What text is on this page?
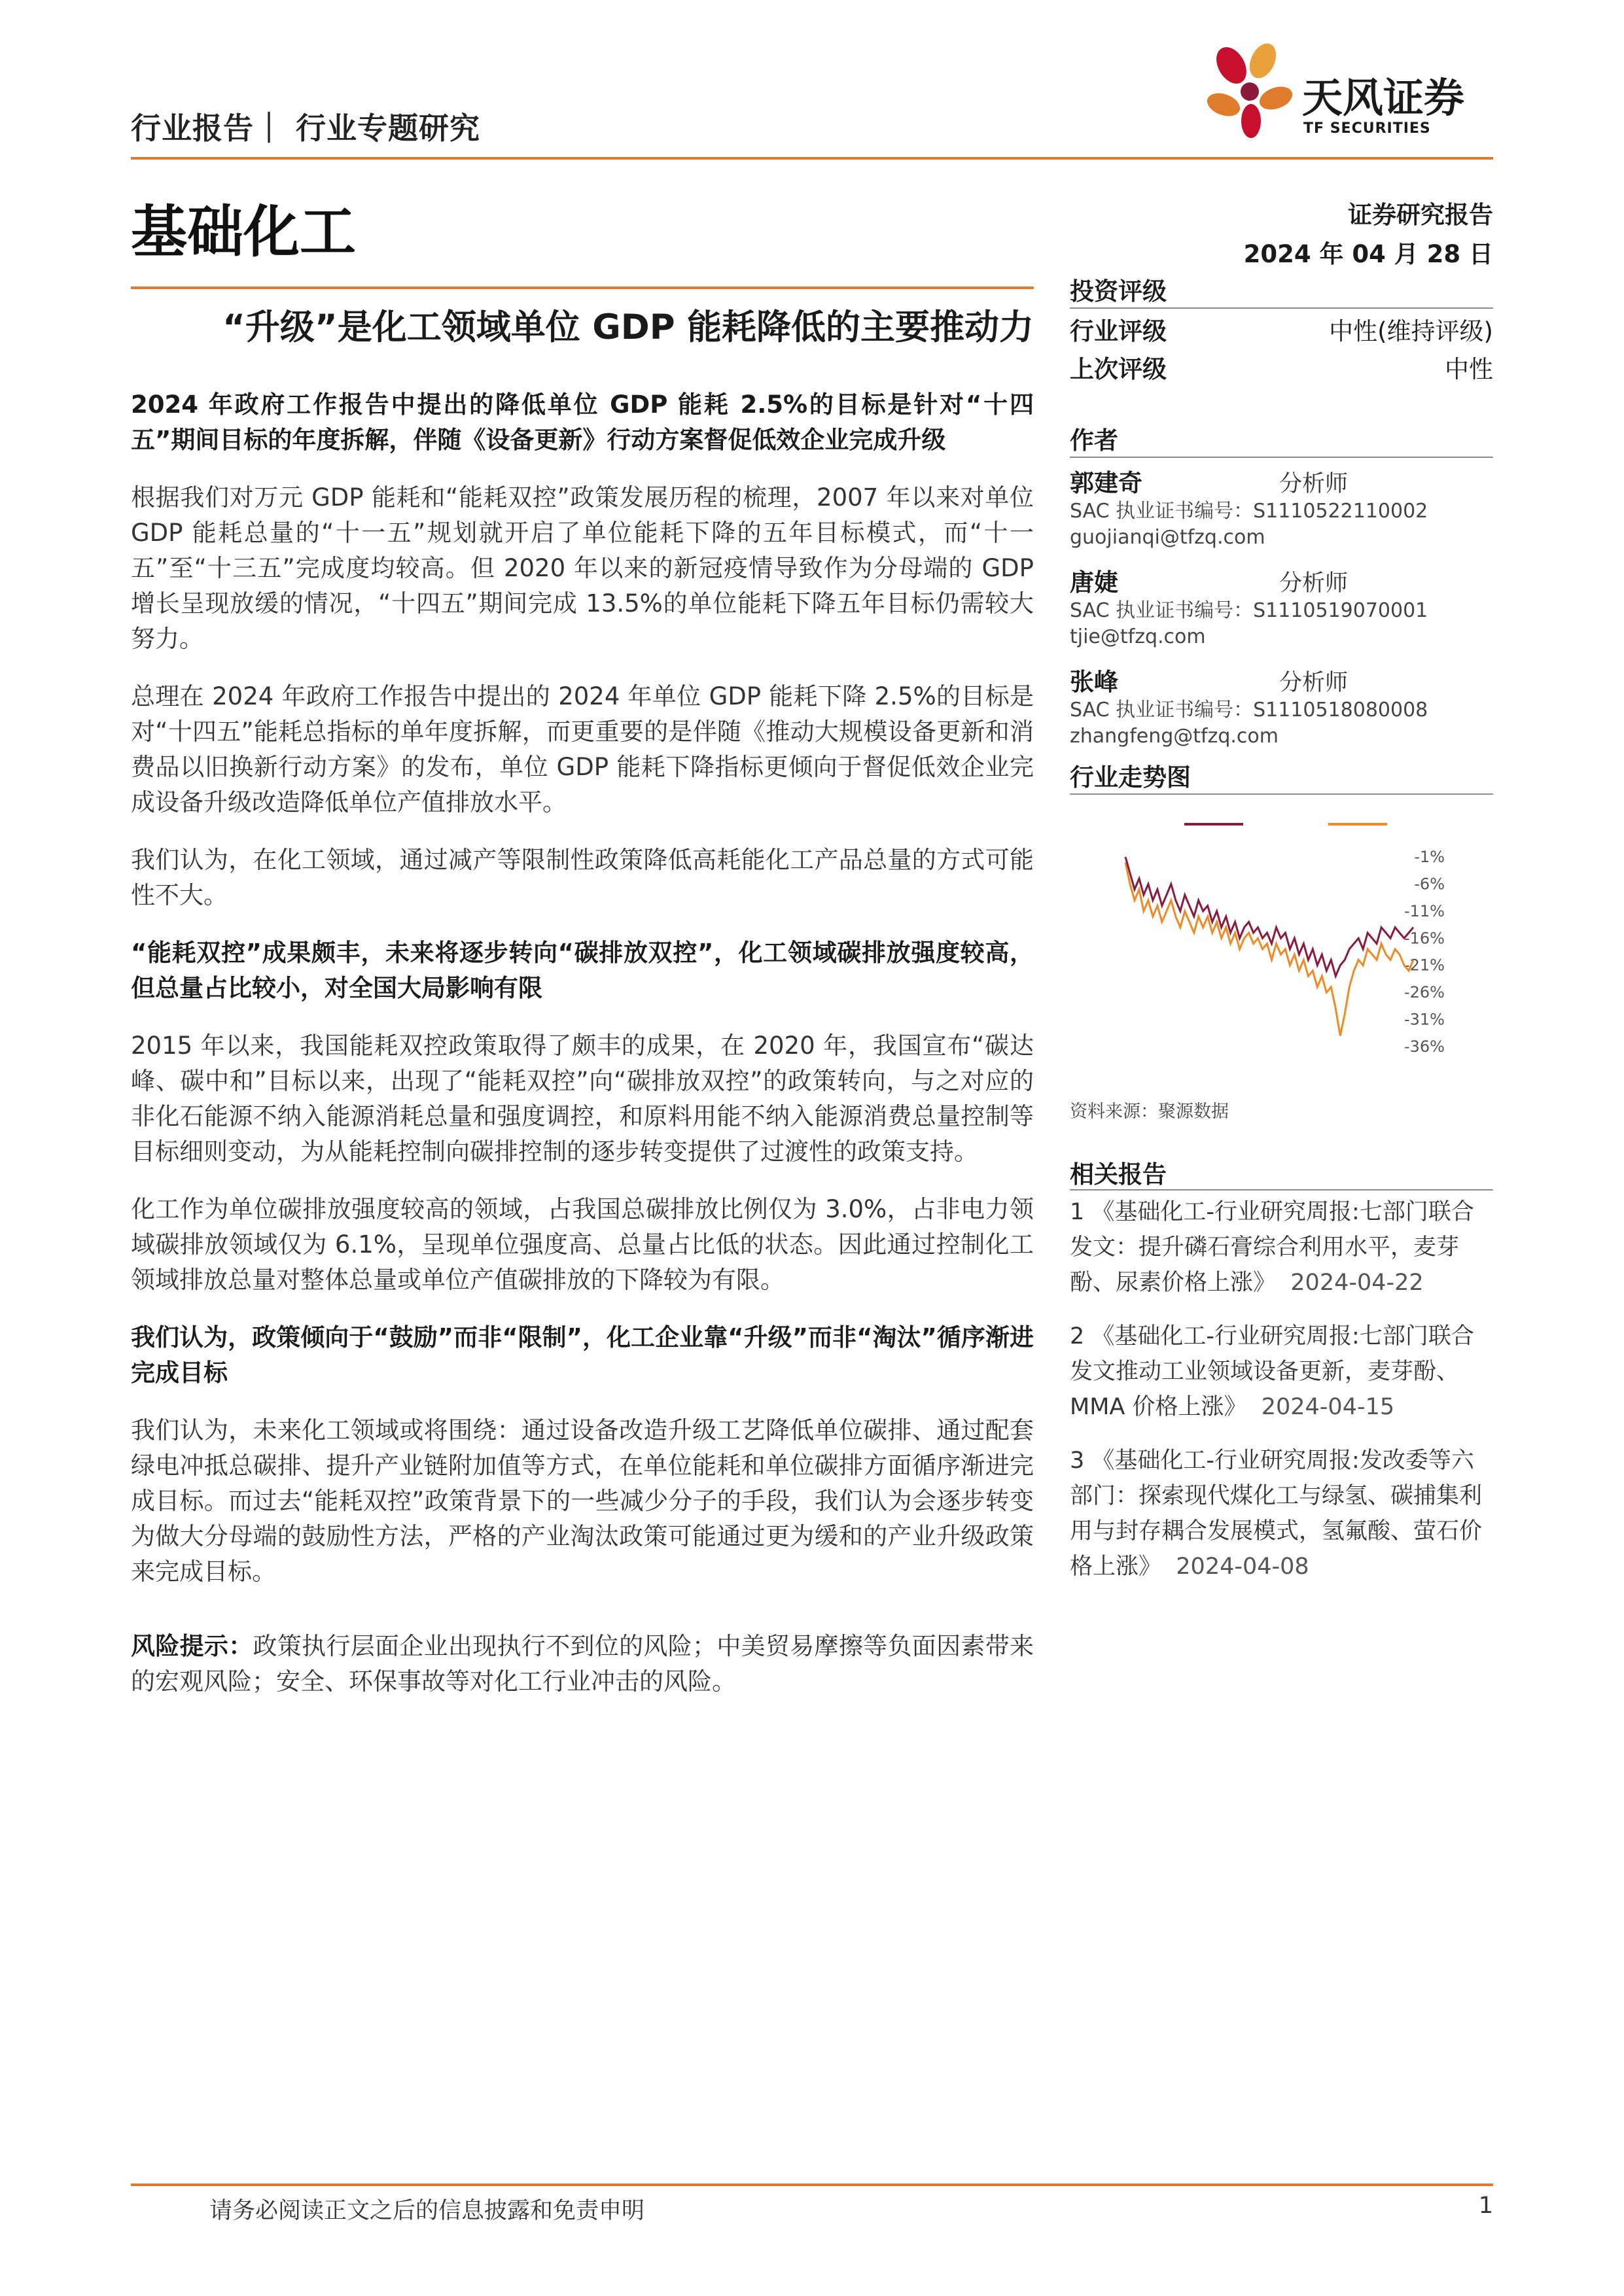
天风证券
TF SECURITIES
行业报告｜ 行业专题研究
基础化工	证券研究报告
2024 年 04 月 28 日
“升级”是化工领域单位 GDP 能耗降低的主要推动力

2024 年政府工作报告中提出的降低单位 GDP 能耗 2.5%的目标是针对“十四五”期间目标的年度拆解，伴随《设备更新》行动方案督促低效企业完成升级

根据我们对万元 GDP 能耗和“能耗双控”政策发展历程的梳理，2007 年以来对单位 GDP 能耗总量的“十一五”规划就开启了单位能耗下降的五年目标模式，而“十一五”至“十三五”完成度均较高。但 2020 年以来的新冠疫情导致作为分母端的 GDP 增长呈现放缓的情况，“十四五”期间完成 13.5%的单位能耗下降五年目标仍需较大努力。

总理在 2024 年政府工作报告中提出的 2024 年单位 GDP 能耗下降 2.5%的目标是对“十四五”能耗总指标的单年度拆解，而更重要的是伴随《推动大规模设备更新和消费品以旧换新行动方案》的发布，单位 GDP 能耗下降指标更倾向于督促低效企业完成设备升级改造降低单位产值排放水平。

我们认为，在化工领域，通过减产等限制性政策降低高耗能化工产品总量的方式可能性不大。

“能耗双控”成果颇丰，未来将逐步转向“碳排放双控”，化工领域碳排放强度较高，但总量占比较小，对全国大局影响有限

2015 年以来，我国能耗双控政策取得了颇丰的成果，在 2020 年，我国宣布“碳达峰、碳中和”目标以来，出现了“能耗双控”向“碳排放双控”的政策转向，与之对应的非化石能源不纳入能源消耗总量和强度调控，和原料用能不纳入能源消费总量控制等目标细则变动，为从能耗控制向碳排控制的逐步转变提供了过渡性的政策支持。

化工作为单位碳排放强度较高的领域，占我国总碳排放比例仅为 3.0%，占非电力领域碳排放领域仅为 6.1%，呈现单位强度高、总量占比低的状态。因此通过控制化工领域排放总量对整体总量或单位产值碳排放的下降较为有限。

我们认为，政策倾向于“鼓励”而非“限制”，化工企业靠“升级”而非“淘汰”循序渐进完成目标

我们认为，未来化工领域或将围绕：通过设备改造升级工艺降低单位碳排、通过配套绿电冲抵总碳排、提升产业链附加值等方式，在单位能耗和单位碳排方面循序渐进完成目标。而过去“能耗双控”政策背景下的一些减少分子的手段，我们认为会逐步转变为做大分母端的鼓励性方法，严格的产业淘汰政策可能通过更为缓和的产业升级政策来完成目标。

风险提示：政策执行层面企业出现执行不到位的风险；中美贸易摩擦等负面因素带来的宏观风险；安全、环保事故等对化工行业冲击的风险。
投资评级
行业评级	中性(维持评级)
上次评级	中性
作者
郭建奇	分析师
SAC 执业证书编号：S1110522110002
guojianqi@tfzq.com
唐婕	分析师
SAC 执业证书编号：S1110519070001
tjie@tfzq.com
张峰	分析师
SAC 执业证书编号：S1110518080008
zhangfeng@tfzq.com
行业走势图
-1%
-6%
-11%
-16%
-21%
-26%
-31%
-36%
资料来源：聚源数据
相关报告

1 《基础化工-行业研究周报:七部门联合发文：提升磷石膏综合利用水平，麦芽酚、尿素价格上涨》 2024-04-22

2 《基础化工-行业研究周报:七部门联合发文推动工业领域设备更新，麦芽酚、MMA 价格上涨》 2024-04-15

3 《基础化工-行业研究周报:发改委等六部门：探索现代煤化工与绿氢、碳捕集利用与封存耦合发展模式，氢氟酸、萤石价格上涨》 2024-04-08

请务必阅读正文之后的信息披露和免责申明	1
